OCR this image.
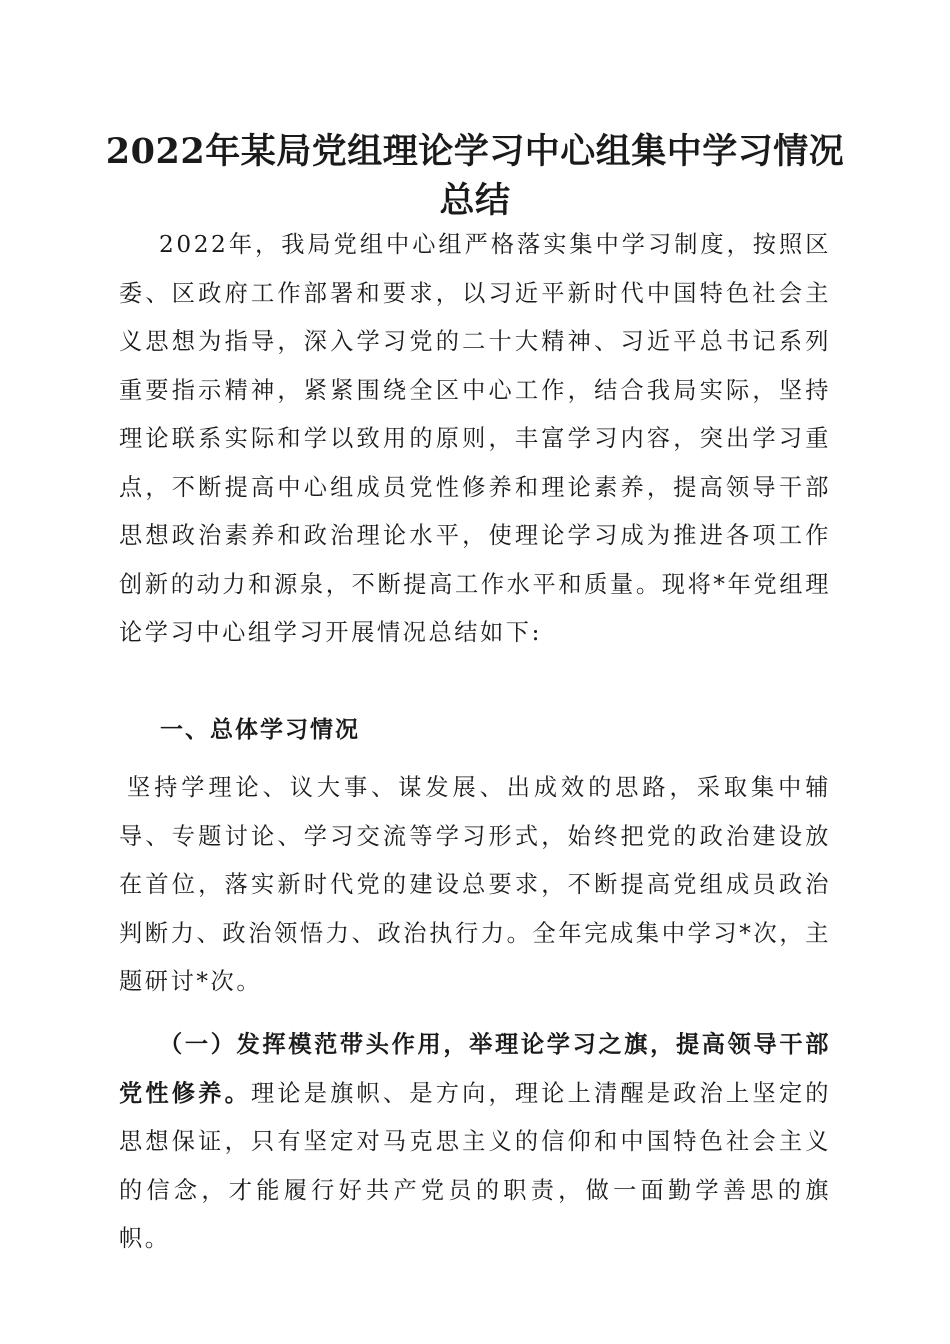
2022年某局党组理论学习中心组集中学习情况
总结

2022年，我局党组中心组严格落实集中学习制度，按照区委、区政府工作部署和要求，以习近平新时代中国特色社会主义思想为指导，深入学习党的二十大精神、习近平总书记系列重要指示精神，紧紧围绕全区中心工作，结合我局实际，坚持理论联系实际和学以致用的原则，丰富学习内容，突出学习重点，不断提高中心组成员党性修养和理论素养，提高领导干部思想政治素养和政治理论水平，使理论学习成为推进各项工作创新的动力和源泉，不断提高工作水平和质量。现将*年党组理论学习中心组学习开展情况总结如下:

一、总体学习情况

坚持学理论、议大事、谋发展、出成效的思路，采取集中辅导、专题讨论、学习交流等学习形式，始终把党的政治建设放在首位，落实新时代党的建设总要求，不断提高党组成员政治判断力、政治领悟力、政治执行力。全年完成集中学习*次，主题研讨*次。

（一）发挥模范带头作用，举理论学习之旗，提高领导干部党性修养。理论是旗帜、是方向，理论上清醒是政治上坚定的思想保证，只有坚定对马克思主义的信仰和中国特色社会主义的信念，才能履行好共产党员的职责，做一面勤学善思的旗帜。
